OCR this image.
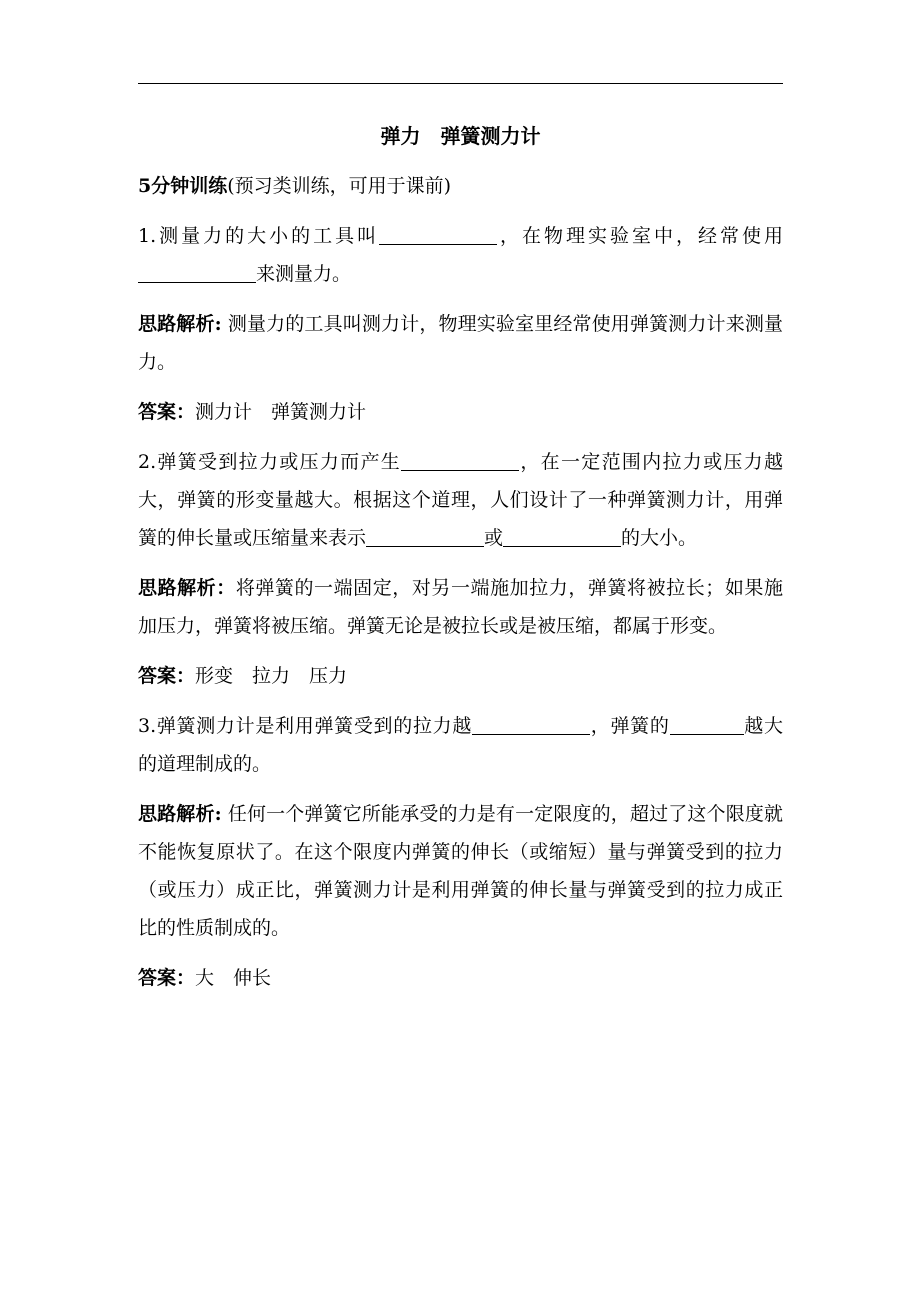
弹力　弹簧测力计

5分钟训练(预习类训练，可用于课前)

1.测量力的大小的工具叫	，在物理实验室中，经常使用来测量力。

思路解析: 测量力的工具叫测力计，物理实验室里经常使用弹簧测力计来测量力。

答案：测力计　弹簧测力计

2.弹簧受到拉力或压力而产生	，在一定范围内拉力或压力越大，弹簧的形变量越大。根据这个道理，人们设计了一种弹簧测力计，用弹簧的伸长量或压缩量来表示	或	的大小。

思路解析：将弹簧的一端固定，对另一端施加拉力，弹簧将被拉长；如果施加压力，弹簧将被压缩。弹簧无论是被拉长或是被压缩，都属于形变。

答案：形变　拉力　压力

3.弹簧测力计是利用弹簧受到的拉力越	，弹簧的	越大的道理制成的。

思路解析: 任何一个弹簧它所能承受的力是有一定限度的，超过了这个限度就不能恢复原状了。在这个限度内弹簧的伸长（或缩短）量与弹簧受到的拉力（或压力）成正比，弹簧测力计是利用弹簧的伸长量与弹簧受到的拉力成正比的性质制成的。

答案：大　伸长
